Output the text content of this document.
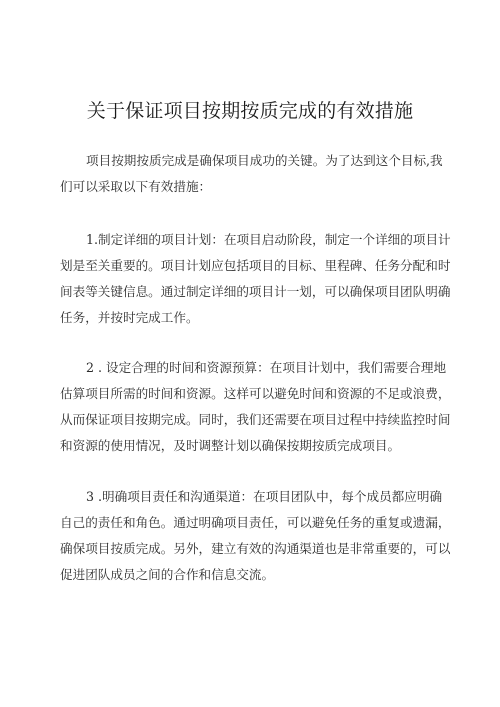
关于保证项目按期按质完成的有效措施
项目按期按质完成是确保项目成功的关键。为了达到这个目标,我
们可以采取以下有效措施：
1.制定详细的项目计划：在项目启动阶段，制定一个详细的项目计
划是至关重要的。项目计划应包括项目的目标、里程碑、任务分配和时
间表等关键信息。通过制定详细的项目计一划，可以确保项目团队明确
任务，并按时完成工作。
2 . 设定合理的时间和资源预算：在项目计划中，我们需要合理地
估算项目所需的时间和资源。这样可以避免时间和资源的不足或浪费，
从而保证项目按期完成。同时，我们还需要在项目过程中持续监控时间
和资源的使用情况，及时调整计划以确保按期按质完成项目。
3 .明确项目责任和沟通渠道：在项目团队中，每个成员都应明确
自己的责任和角色。通过明确项目责任，可以避免任务的重复或遗漏，
确保项目按质完成。另外，建立有效的沟通渠道也是非常重要的，可以
促进团队成员之间的合作和信息交流。
